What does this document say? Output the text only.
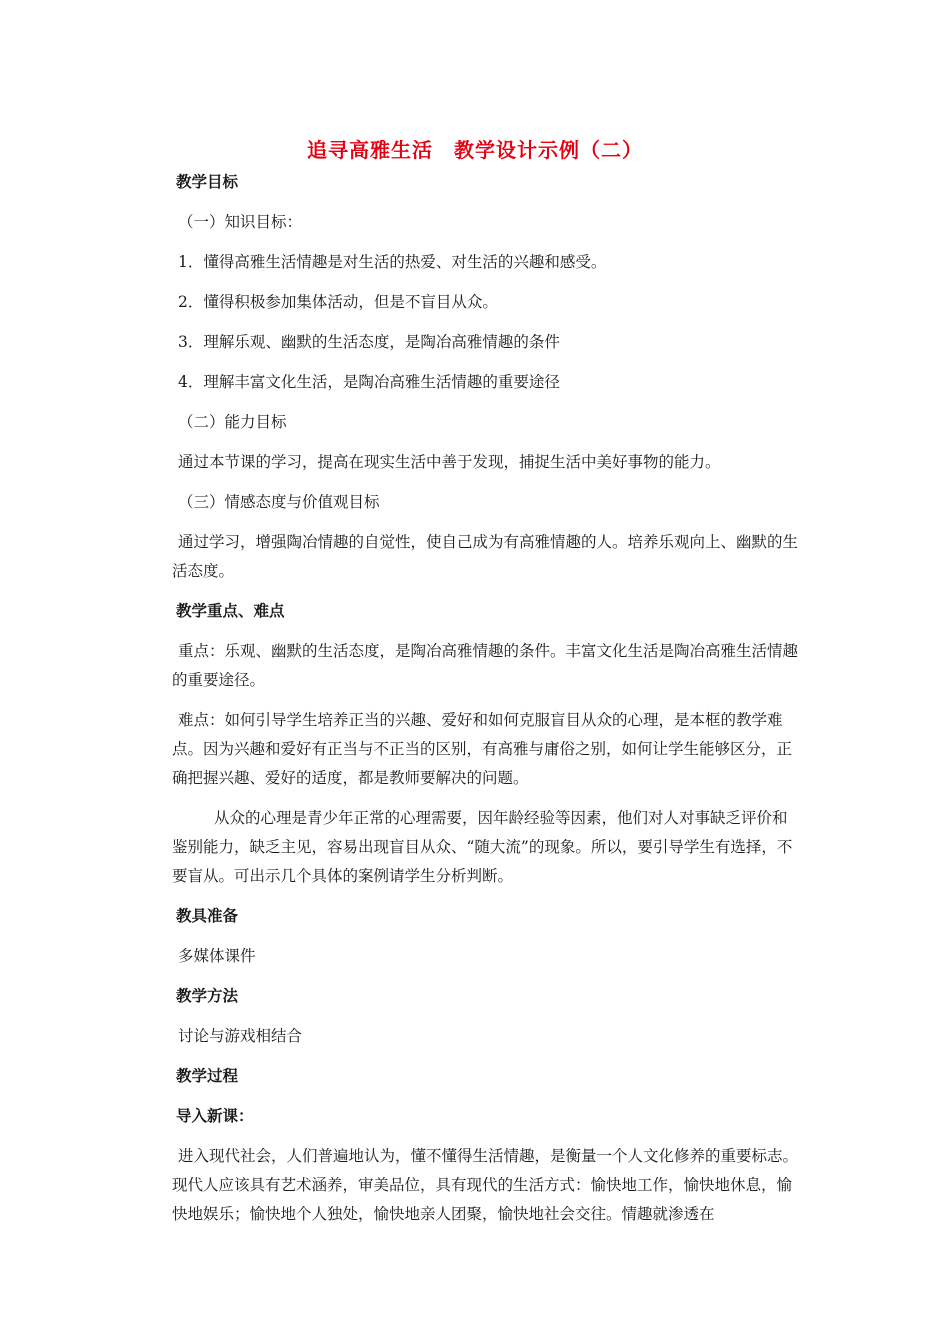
追寻高雅生活　教学设计示例（二）
教学目标
（一）知识目标：
1．懂得高雅生活情趣是对生活的热爱、对生活的兴趣和感受。
2．懂得积极参加集体活动，但是不盲目从众。
3．理解乐观、幽默的生活态度，是陶冶高雅情趣的条件
4．理解丰富文化生活，是陶冶高雅生活情趣的重要途径
（二）能力目标
通过本节课的学习，提高在现实生活中善于发现，捕捉生活中美好事物的能力。
（三）情感态度与价值观目标
通过学习，增强陶冶情趣的自觉性，使自己成为有高雅情趣的人。培养乐观向上、幽默的生活态度。
教学重点、难点
重点：乐观、幽默的生活态度，是陶冶高雅情趣的条件。丰富文化生活是陶冶高雅生活情趣的重要途径。
难点：如何引导学生培养正当的兴趣、爱好和如何克服盲目从众的心理，是本框的教学难点。因为兴趣和爱好有正当与不正当的区别，有高雅与庸俗之别，如何让学生能够区分，正确把握兴趣、爱好的适度，都是教师要解决的问题。
从众的心理是青少年正常的心理需要，因年龄经验等因素，他们对人对事缺乏评价和鉴别能力，缺乏主见，容易出现盲目从众、“随大流”的现象。所以，要引导学生有选择，不要盲从。可出示几个具体的案例请学生分析判断。
教具准备
多媒体课件
教学方法
讨论与游戏相结合
教学过程
导入新课：
进入现代社会，人们普遍地认为，懂不懂得生活情趣，是衡量一个人文化修养的重要标志。现代人应该具有艺术涵养，审美品位，具有现代的生活方式：愉快地工作，愉快地休息，愉快地娱乐；愉快地个人独处，愉快地亲人团聚，愉快地社会交往。情趣就渗透在
